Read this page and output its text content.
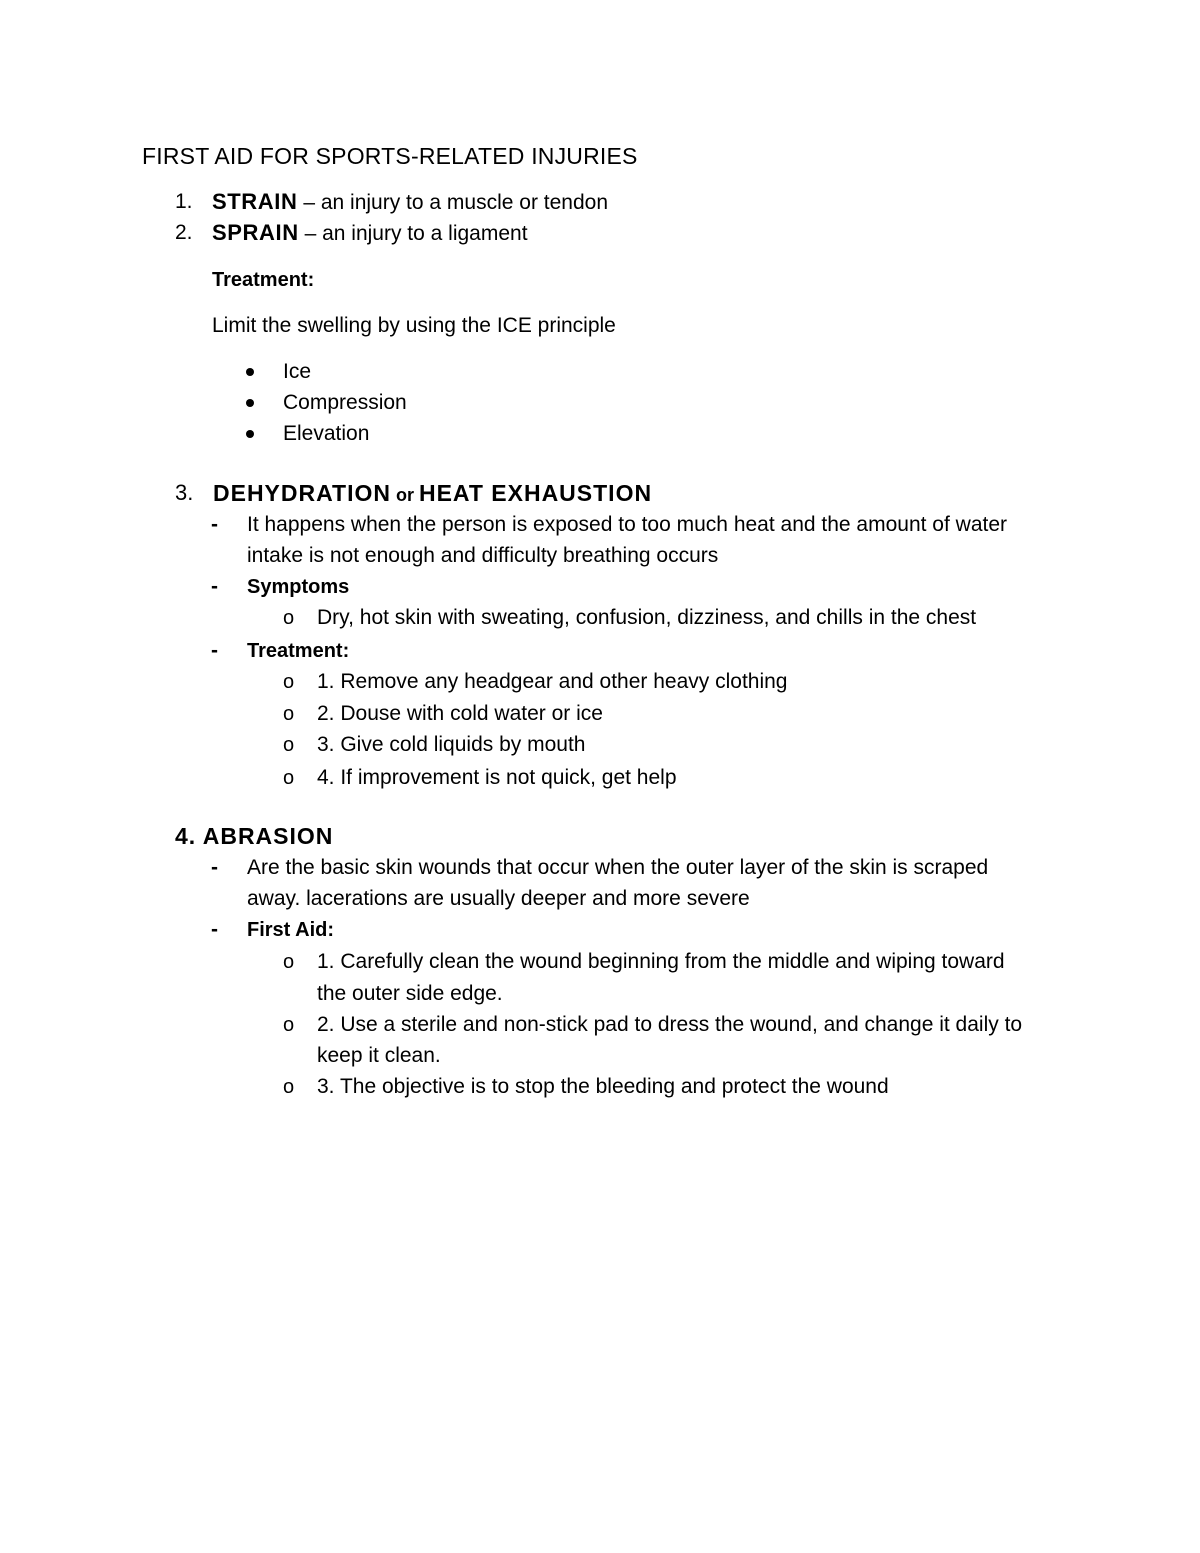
FIRST AID FOR SPORTS-RELATED INJURIES
1. STRAIN – an injury to a muscle or tendon
2. SPRAIN – an injury to a ligament
Treatment:
Limit the swelling by using the ICE principle
Ice
Compression
Elevation
3. DEHYDRATION or HEAT EXHAUSTION
- It happens when the person is exposed to too much heat and the amount of water
intake is not enough and difficulty breathing occurs
- Symptoms
o Dry, hot skin with sweating, confusion, dizziness, and chills in the chest
- Treatment:
o 1. Remove any headgear and other heavy clothing
o 2. Douse with cold water or ice
o 3. Give cold liquids by mouth
o 4. If improvement is not quick, get help
4. ABRASION
- Are the basic skin wounds that occur when the outer layer of the skin is scraped
away. lacerations are usually deeper and more severe
- First Aid:
o 1. Carefully clean the wound beginning from the middle and wiping toward
the outer side edge.
o 2. Use a sterile and non-stick pad to dress the wound, and change it daily to
keep it clean.
o 3. The objective is to stop the bleeding and protect the wound
